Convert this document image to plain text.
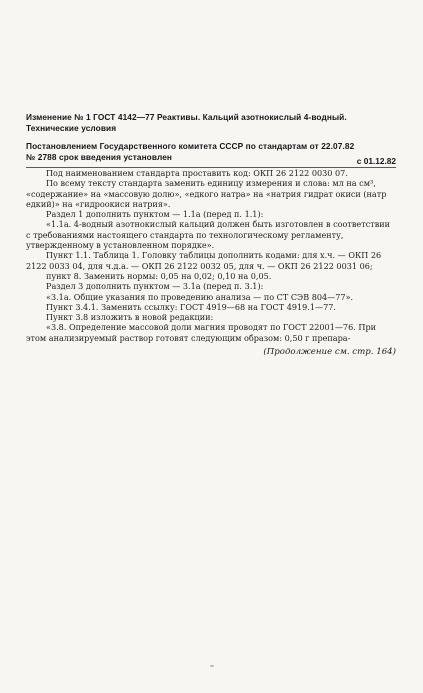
Изменение № 1 ГОСТ 4142—77 Реактивы. Кальций азотнокислый 4-водный.
Технические условия
Постановлением Государственного комитета СССР по стандартам от 22.07.82
№ 2788 срок введения установлен	с 01.12.82

Под наименованием стандарта проставить код: ОКП 26 2122 0030 07.

По всему тексту стандарта заменить единицу измерения и слова: мл на см³, «содержание» на «массовую долю», «едкого натра» на «натрия гидрат окиси (натр едкий)» на «гидроокиси натрия».

Раздел 1 дополнить пунктом — 1.1а (перед п. 1.1):

«1.1а. 4-водный азотнокислый кальций должен быть изготовлен в соответствии с требованиями настоящего стандарта по технологическому регламенту, утвержденному в установленном порядке».

Пункт 1.1. Таблица 1. Головку таблицы дополнить кодами: для х.ч. — ОКП 26 2122 0033 04, для ч.д.а. — ОКП 26 2122 0032 05, для ч. — ОКП 26 2122 0031 06;

пункт 8. Заменить нормы: 0,05 на 0,02; 0,10 на 0,05.

Раздел 3 дополнить пунктом — 3.1а (перед п. 3.1):

«3.1а. Общие указания по проведению анализа — по СТ СЭВ 804—77».

Пункт 3.4.1. Заменить ссылку: ГОСТ 4919—68 на ГОСТ 4919.1—77.

Пункт 3.8 изложить в новой редакции:

«3.8. Определение массовой доли магния проводят по ГОСТ 22001—76. При этом анализируемый раствор готовят следующим образом: 0,50 г препара-

(Продолжение см. стр. 164)
